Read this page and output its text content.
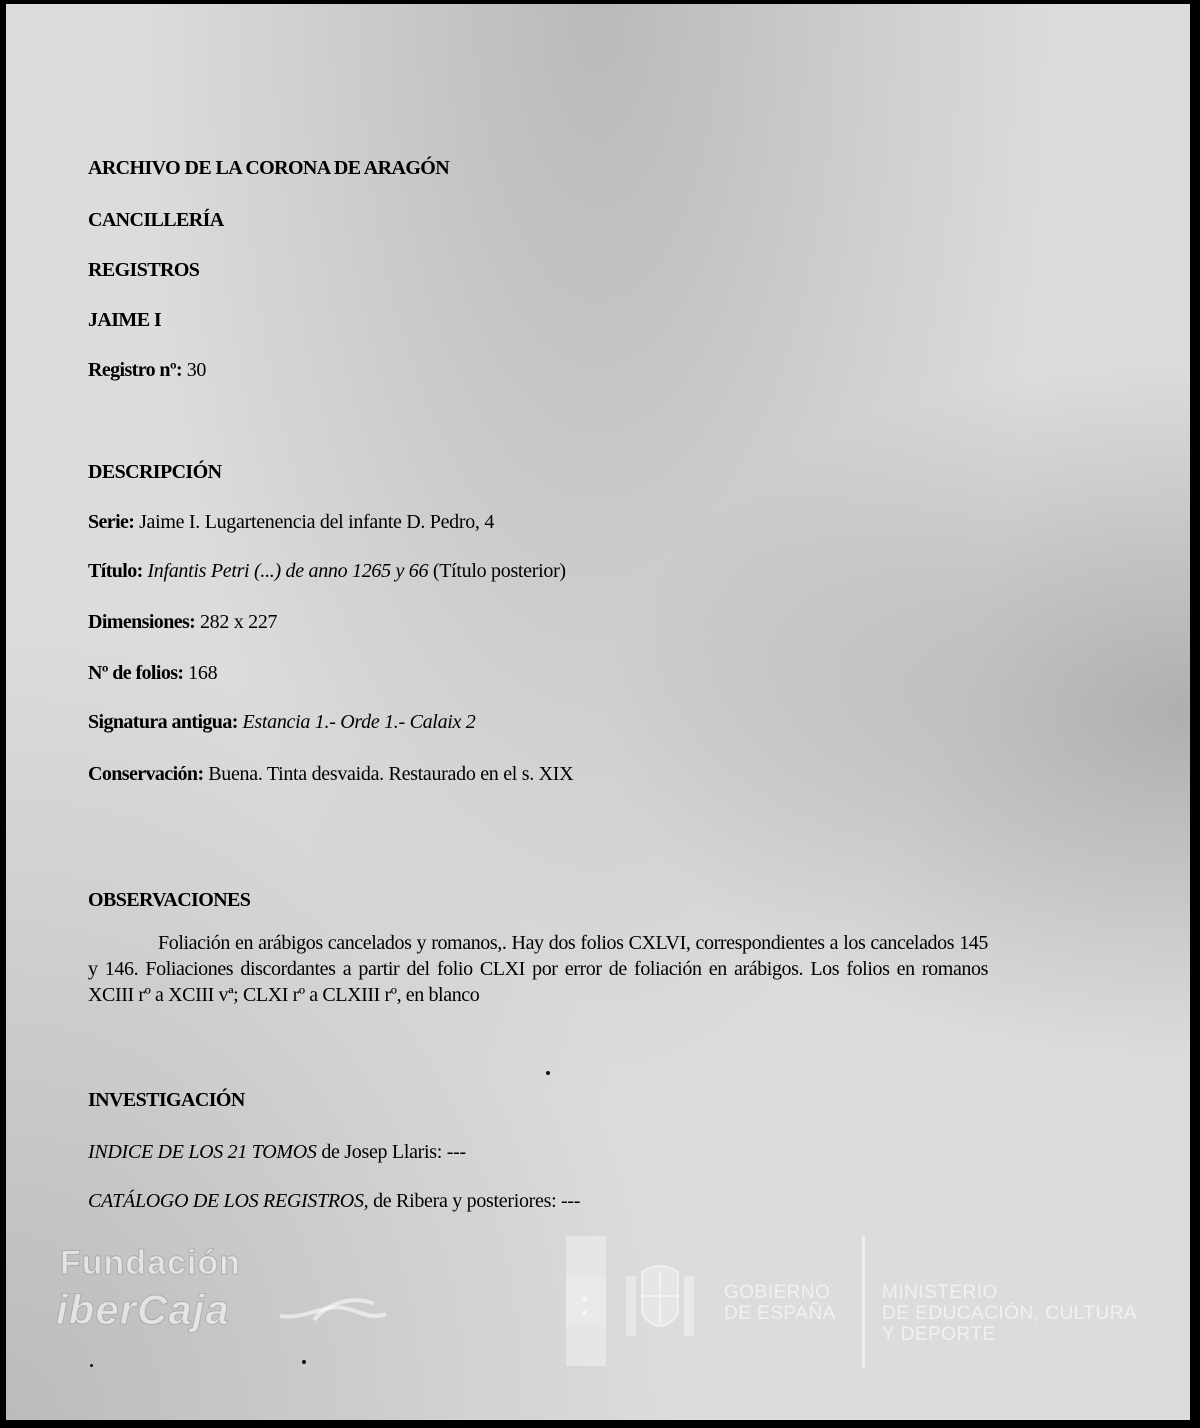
ARCHIVO DE LA CORONA DE ARAGÓN

CANCILLERÍA

REGISTROS

JAIME I

Registro nº: 30

DESCRIPCIÓN

Serie: Jaime I. Lugartenencia del infante D. Pedro, 4

Título: Infantis Petri (...) de anno 1265 y 66 (Título posterior)

Dimensiones: 282 x 227

Nº de folios: 168

Signatura antigua: Estancia 1.- Orde 1.- Calaix 2

Conservación: Buena. Tinta desvaida. Restaurado en el s. XIX

OBSERVACIONES

Foliación en arábigos cancelados y romanos,. Hay dos folios CXLVI, correspondientes a los cancelados 145 y 146. Foliaciones discordantes a partir del folio CLXI por error de foliación en arábigos. Los folios en romanos XCIII rº a XCIII vª; CLXI rº a CLXIII rº, en blanco

INVESTIGACIÓN

INDICE DE LOS 21 TOMOS de Josep Llaris: ---

CATÁLOGO DE LOS REGISTROS, de Ribera y posteriores: ---

Fundación
iberCaja	★
★
GOBIERNO
DE ESPAÑA
MINISTERIO
DE EDUCACIÓN, CULTURA
Y DEPORTE
